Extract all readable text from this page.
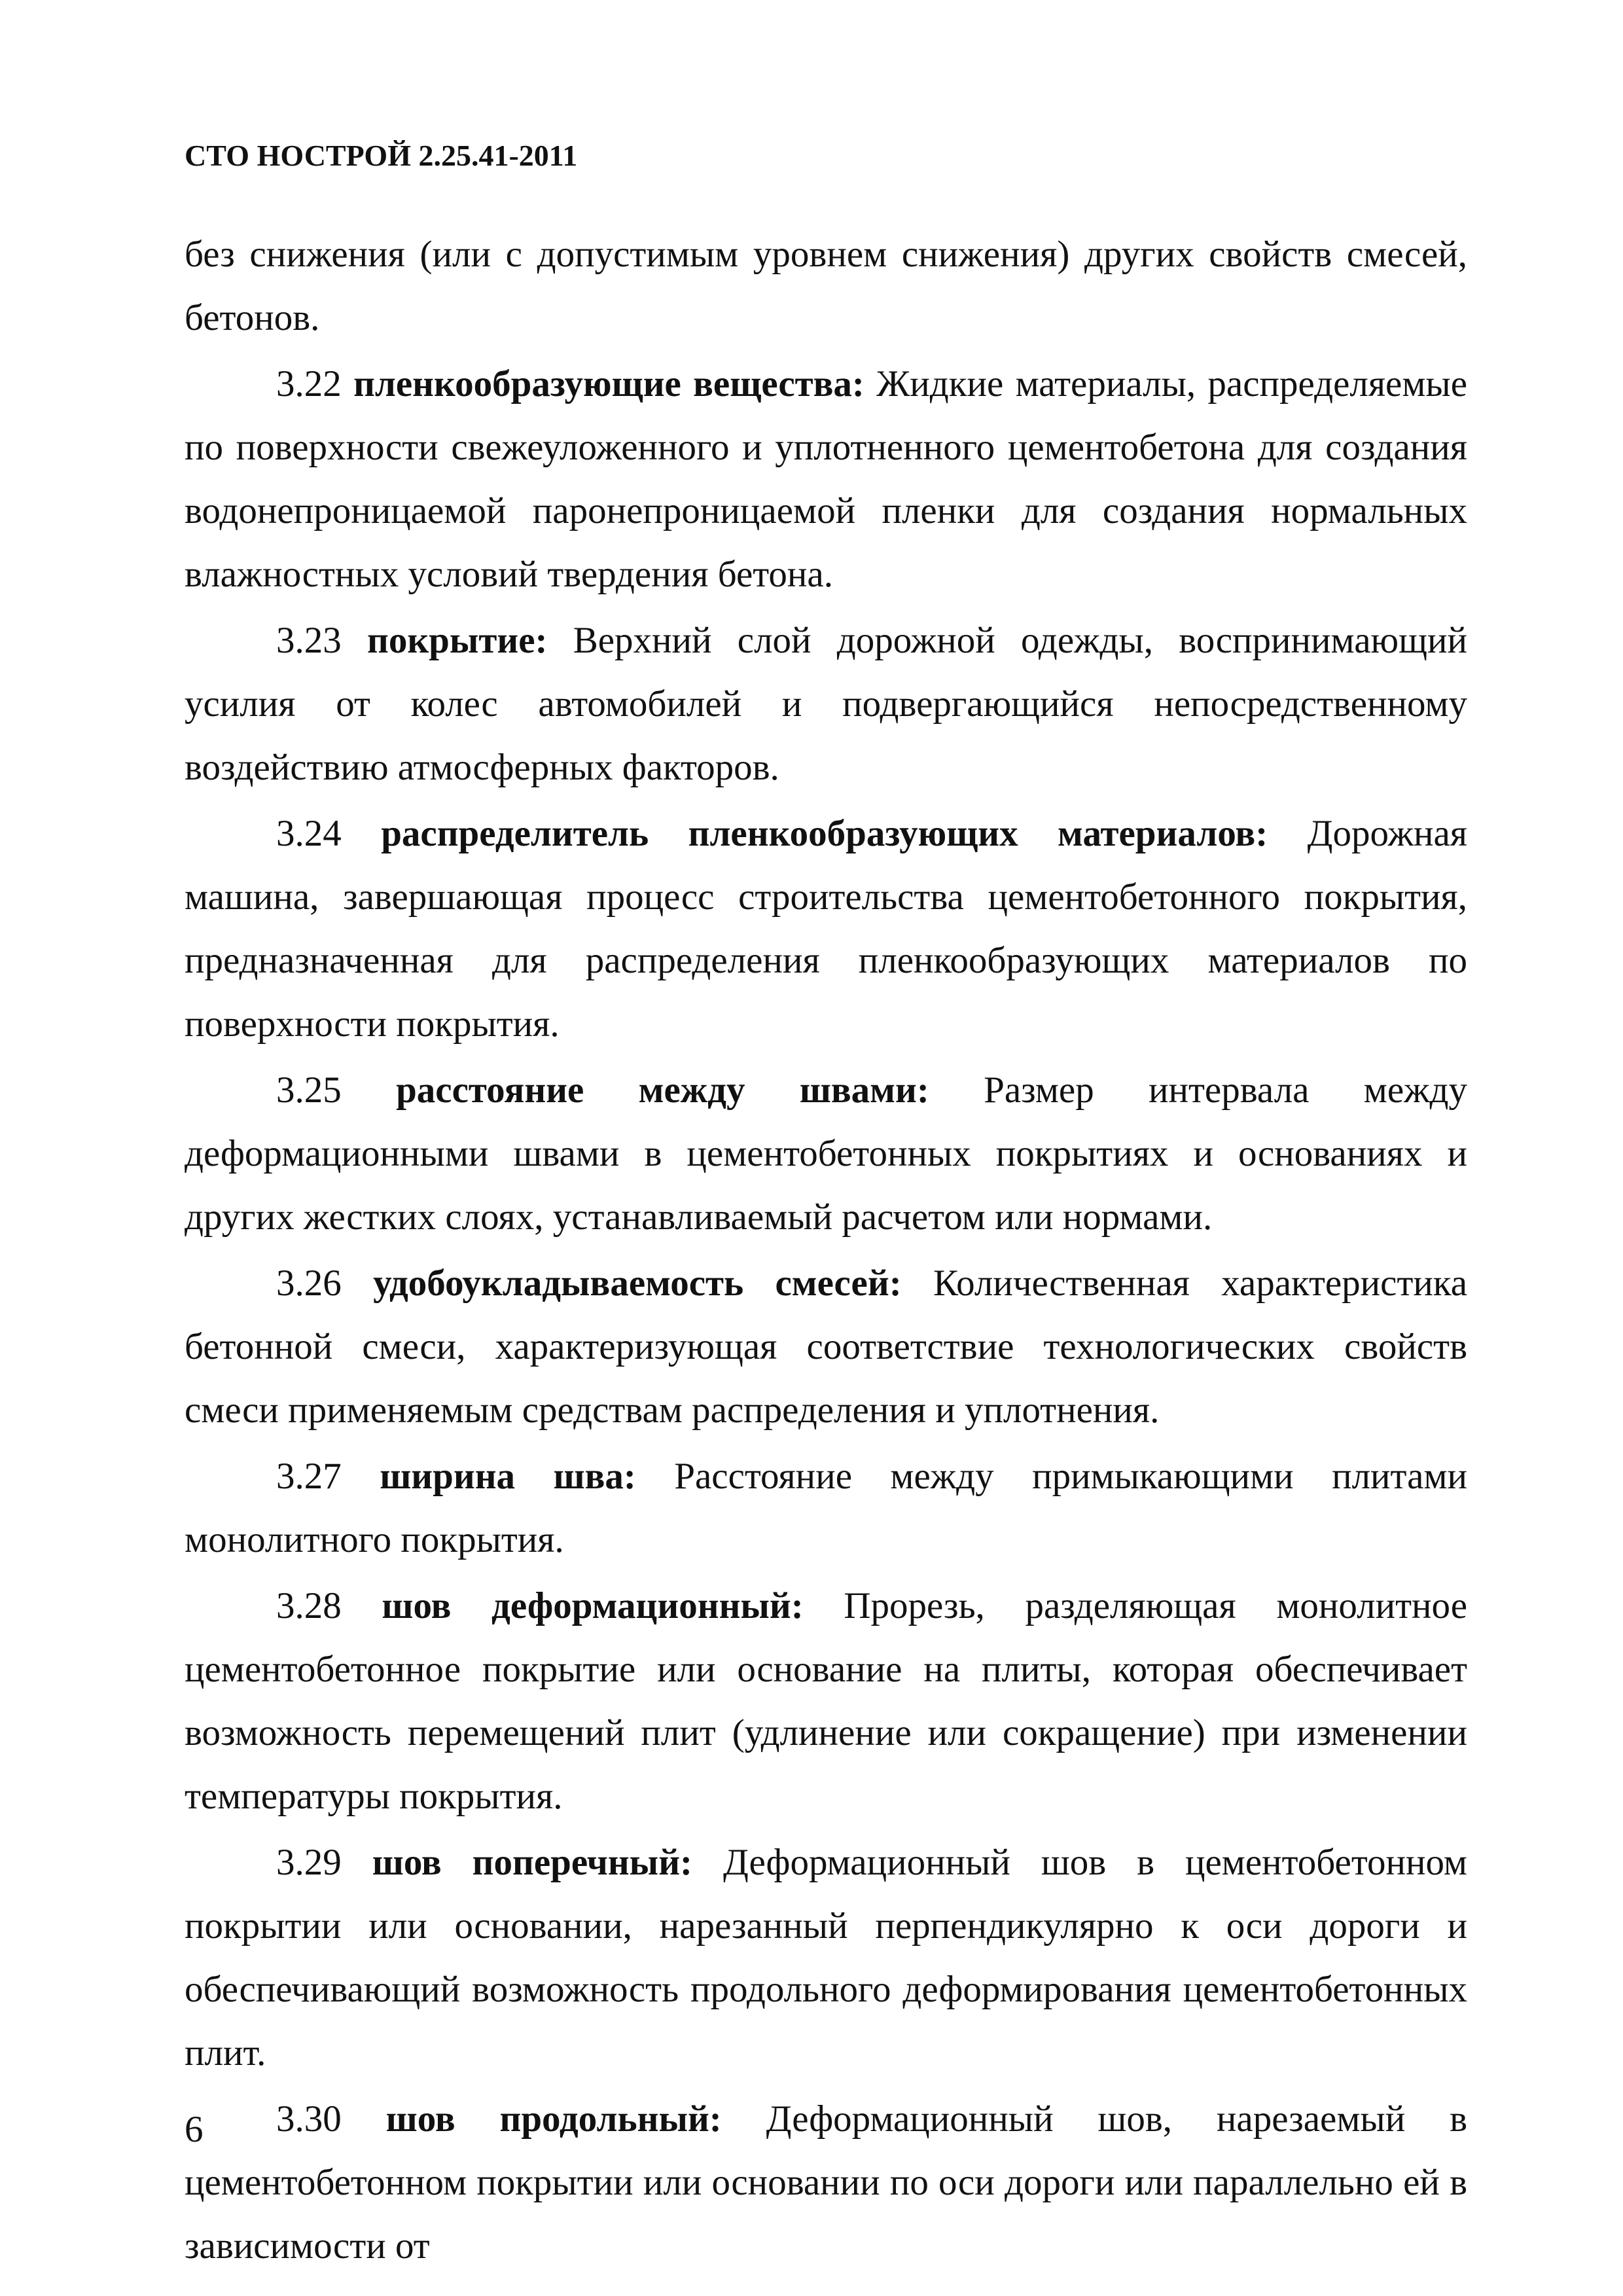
СТО НОСТРОЙ 2.25.41-2011

без снижения (или с допустимым уровнем снижения) других свойств смесей, бетонов.

3.22 пленкообразующие вещества: Жидкие материалы, распределяемые по поверхности свежеуложенного и уплотненного цементобетона для создания водонепроницаемой паронепроницаемой пленки для создания нормальных влажностных условий твердения бетона.

3.23 покрытие: Верхний слой дорожной одежды, воспринимающий усилия от колес автомобилей и подвергающийся непосредственному воздействию атмосферных факторов.

3.24 распределитель пленкообразующих материалов: Дорожная машина, завершающая процесс строительства цементобетонного покрытия, предназначенная для распределения пленкообразующих материалов по поверхности покрытия.

3.25 расстояние между швами: Размер интервала между деформационными швами в цементобетонных покрытиях и основаниях и других жестких слоях, устанавливаемый расчетом или нормами.

3.26 удобоукладываемость смесей: Количественная характеристика бетонной смеси, характеризующая соответствие технологических свойств смеси применяемым средствам распределения и уплотнения.

3.27 ширина шва: Расстояние между примыкающими плитами монолитного покрытия.

3.28 шов деформационный: Прорезь, разделяющая монолитное цементобетонное покрытие или основание на плиты, которая обеспечивает возможность перемещений плит (удлинение или сокращение) при изменении температуры покрытия.

3.29 шов поперечный: Деформационный шов в цементобетонном покрытии или основании, нарезанный перпендикулярно к оси дороги и обеспечивающий возможность продольного деформирования цементобетонных плит.

3.30 шов продольный: Деформационный шов, нарезаемый в цементобетонном покрытии или основании по оси дороги или параллельно ей в зависимости от

6
